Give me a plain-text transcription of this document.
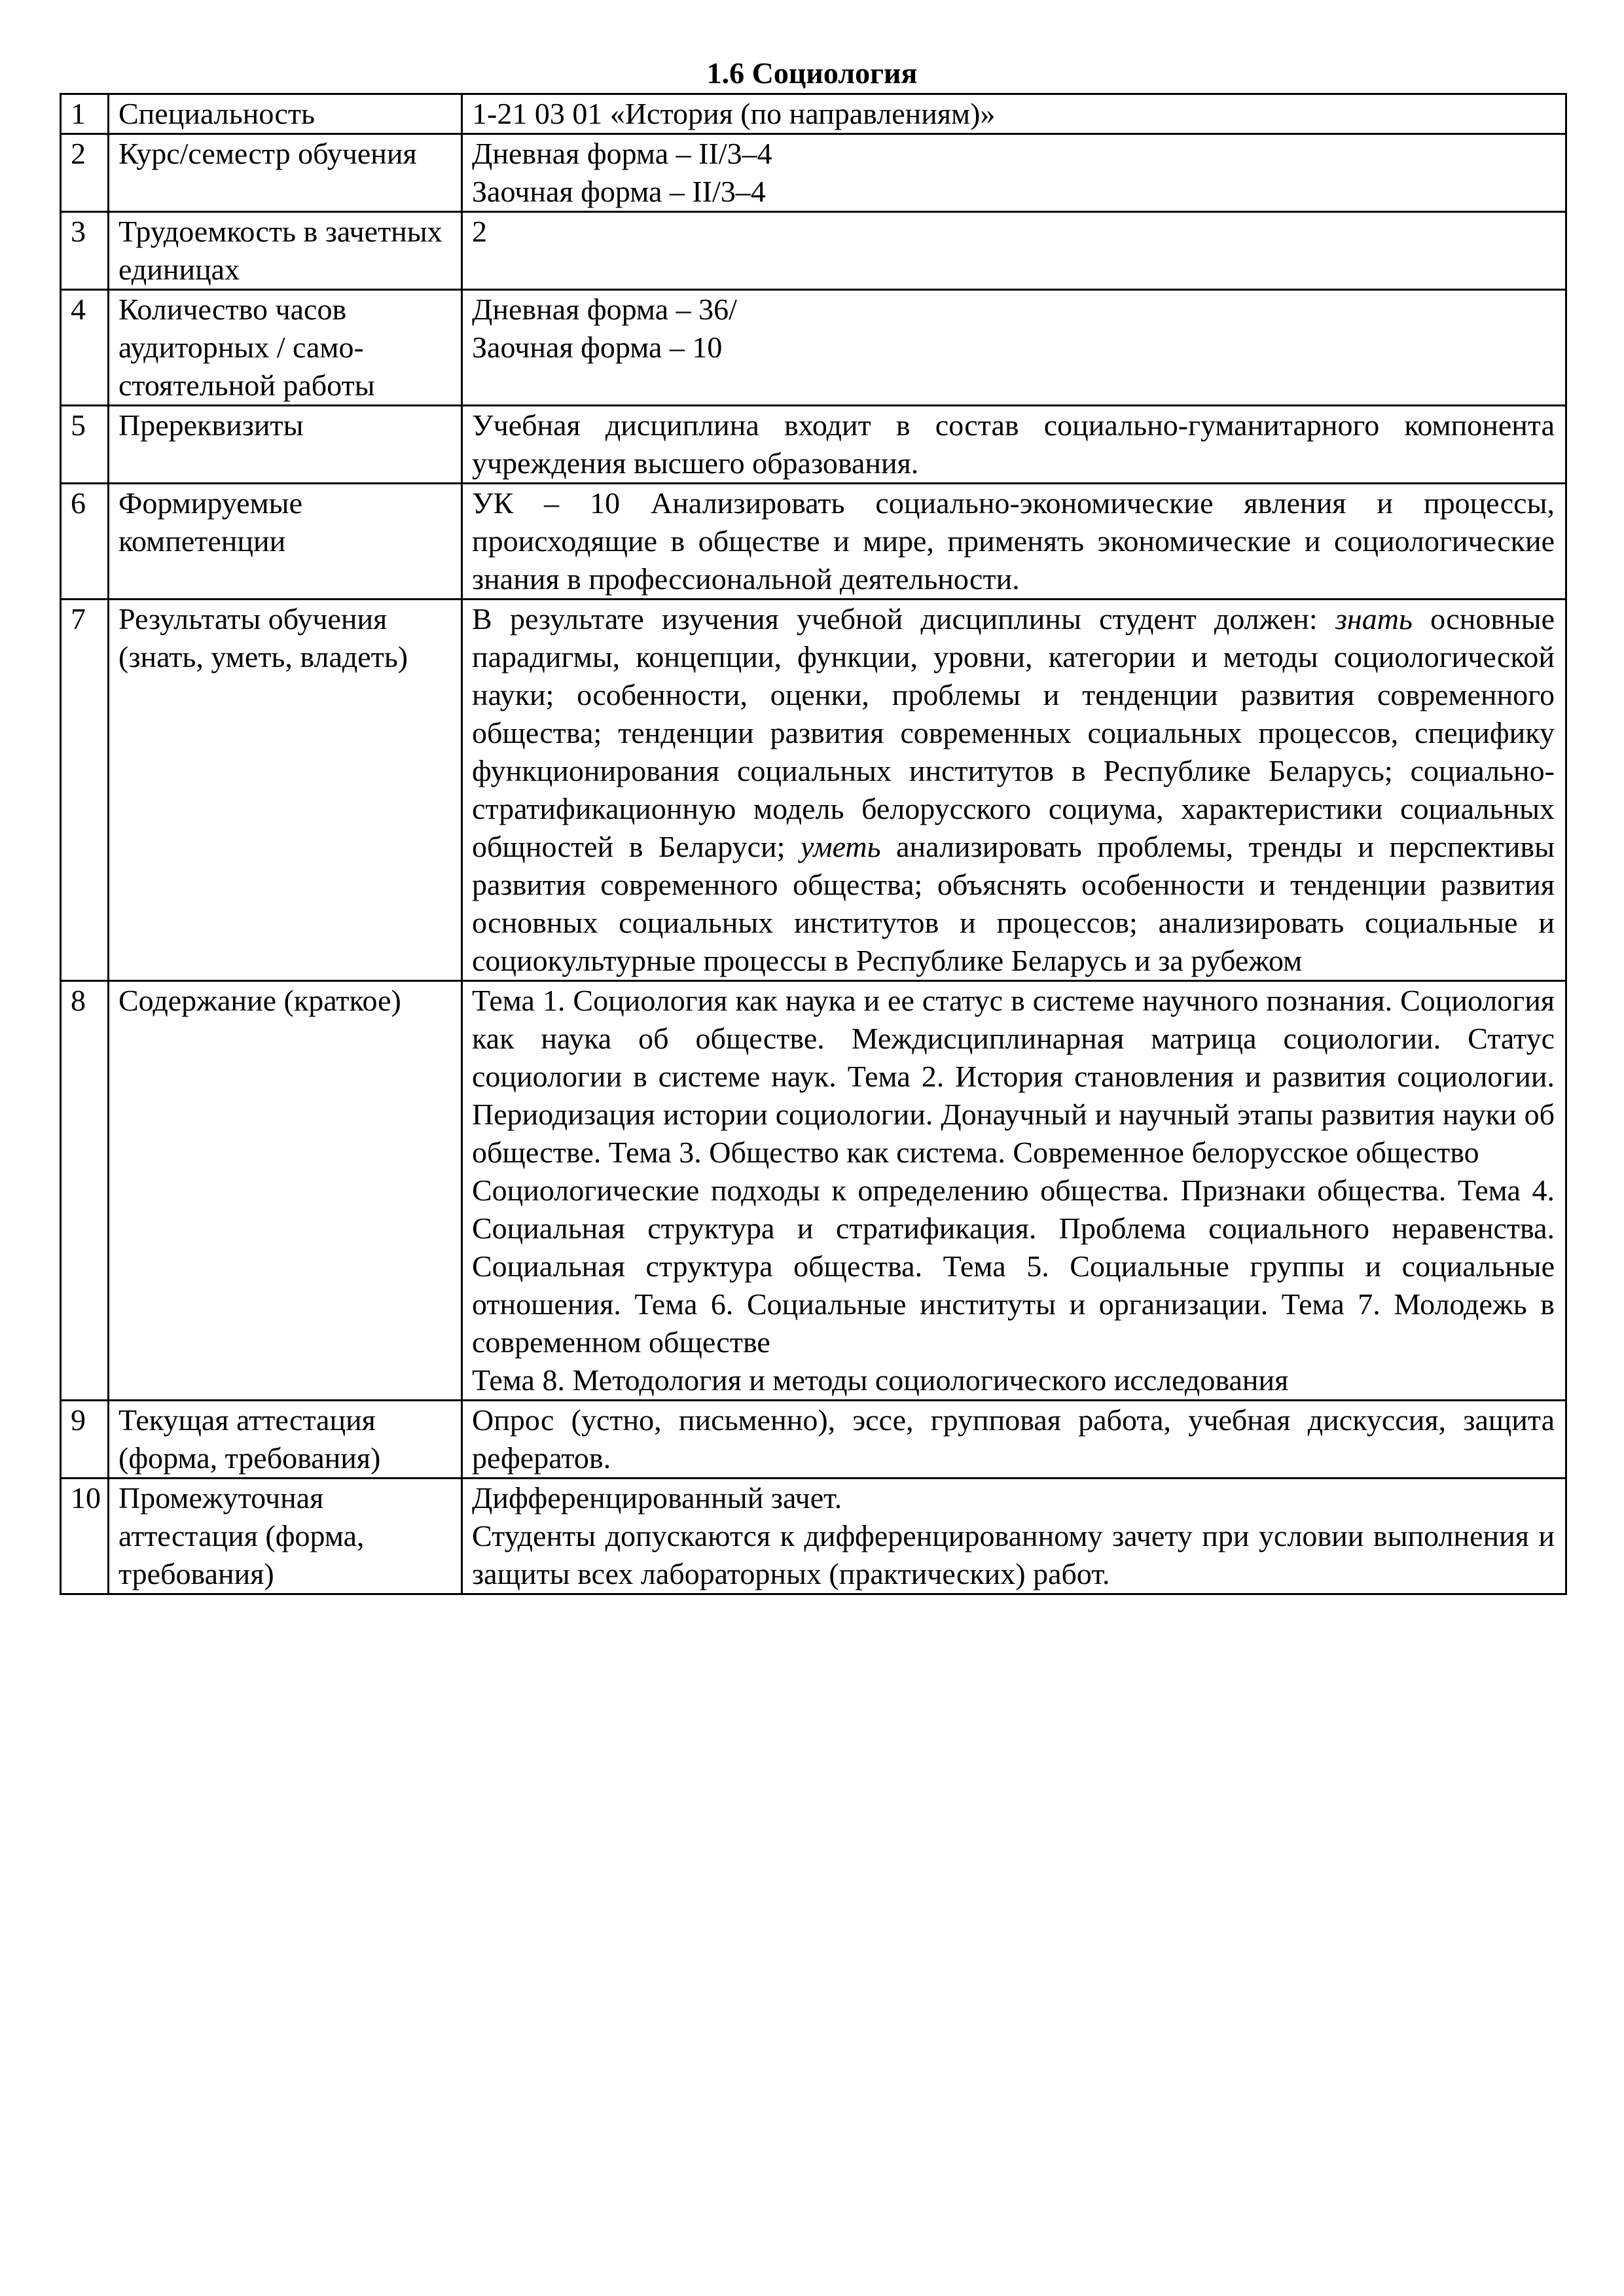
1.6 Социология
1	Специальность	1-21 03 01 «История (по направлениям)»

2	Курс/семестр обучения	Дневная форма – II/3–4
Заочная форма – II/3–4

3	Трудоемкость в зачетных единицах	2

4	Количество часов аудиторных / само-стоятельной работы	Дневная форма – 36/
Заочная форма – 10

5	Пререквизиты	Учебная дисциплина входит в состав социально-гуманитарного компонента учреждения высшего образования.
6	Формируемые компетенции	УК – 10 Анализировать социально-экономические явления и процессы, происходящие в обществе и мире, применять экономические и социологические знания в профессиональной деятельности.
7	Результаты обучения (знать, уметь, владеть)	В результате изучения учебной дисциплины студент должен: знать основные парадигмы, концепции, функции, уровни, категории и методы социологической науки; особенности, оценки, проблемы и тенденции развития современного общества; тенденции развития современных социальных процессов, специфику функционирования социальных институтов в Республике Беларусь; социально-стратификационную модель белорусского социума, характеристики социальных общностей в Беларуси; уметь анализировать проблемы, тренды и перспективы развития современного общества; объяснять особенности и тенденции развития основных социальных институтов и процессов; анализировать социальные и социокультурные процессы в Республике Беларусь и за рубежом
8	Содержание (краткое)	Тема 1. Социология как наука и ее статус в системе научного познания. Социология как наука об обществе. Междисциплинарная матрица социологии. Статус социологии в системе наук. Тема 2. История становления и развития социологии. Периодизация истории социологии. Донаучный и научный этапы развития науки об обществе. Тема 3. Общество как система. Современное белорусское общество
Социологические подходы к определению общества. Признаки общества. Тема 4. Социальная структура и стратификация. Проблема социального неравенства. Социальная структура общества. Тема 5. Социальные группы и социальные отношения. Тема 6. Социальные институты и организации. Тема 7. Молодежь в современном обществе
Тема 8. Методология и методы социологического исследования

9	Текущая аттестация (форма, требования)	Опрос (устно, письменно), эссе, групповая работа, учебная дискуссия, защита рефератов.
10	Промежуточная аттестация (форма, требования)	Дифференцированный зачет.
Студенты допускаются к дифференцированному зачету при условии выполнения и защиты всех лабораторных (практических) работ.
